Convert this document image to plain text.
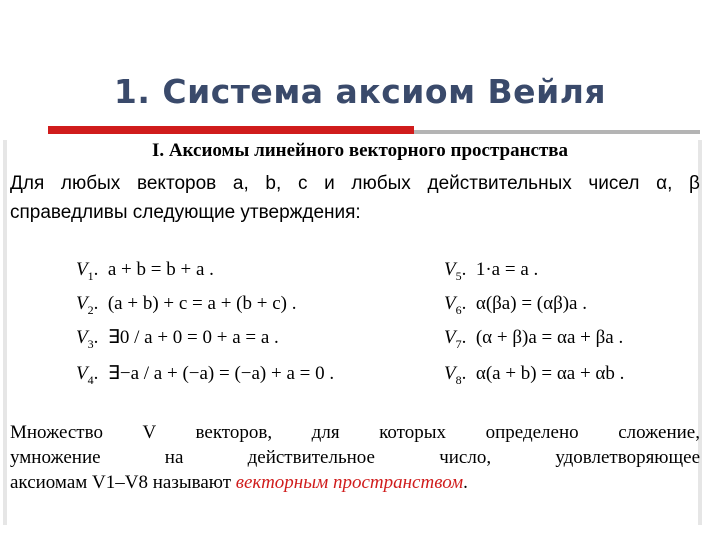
1. Система аксиом Вейля
I. Аксиомы линейного векторного пространства
Для любых векторов a, b, c и любых действительных чисел α, β
справедливы следующие утверждения:
$V_1$. a + b = b + a .
$V_2$. (a + b) + c = a + (b + c) .
$V_3$. ∃0 / a + 0 = 0 + a = a .
$V_4$. ∃−a / a + (−a) = (−a) + a = 0 .
$V_5$. 1·a = a .
$V_6$. α(βa) = (αβ)a .
$V_7$. (α + β)a = αa + βa .
$V_8$. α(a + b) = αa + αb .
Множество V векторов, для которых определено сложение,
умножение на действительное число, удовлетворяющее
аксиомам V1–V8 называют векторным пространством.
